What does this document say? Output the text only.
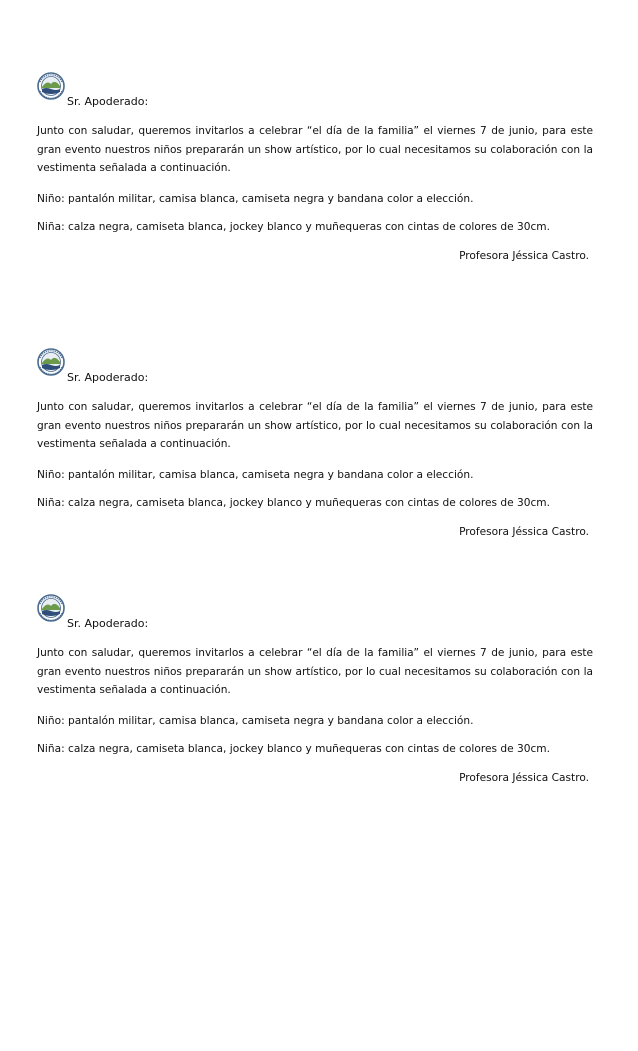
Sr. Apoderado:
Junto con saludar, queremos invitarlos a celebrar “el día de la familia” el viernes 7 de junio, para este gran evento nuestros niños prepararán un show artístico, por lo cual necesitamos su colaboración con la vestimenta señalada a continuación.
Niño: pantalón militar, camisa blanca, camiseta negra y bandana color a elección.
Niña: calza negra, camiseta blanca, jockey blanco y muñequeras con cintas de colores de 30cm.
Profesora Jéssica Castro.
Sr. Apoderado:
Junto con saludar, queremos invitarlos a celebrar “el día de la familia” el viernes 7 de junio, para este gran evento nuestros niños prepararán un show artístico, por lo cual necesitamos su colaboración con la vestimenta señalada a continuación.
Niño: pantalón militar, camisa blanca, camiseta negra y bandana color a elección.
Niña: calza negra, camiseta blanca, jockey blanco y muñequeras con cintas de colores de 30cm.
Profesora Jéssica Castro.
Sr. Apoderado:
Junto con saludar, queremos invitarlos a celebrar “el día de la familia” el viernes 7 de junio, para este gran evento nuestros niños prepararán un show artístico, por lo cual necesitamos su colaboración con la vestimenta señalada a continuación.
Niño: pantalón militar, camisa blanca, camiseta negra y bandana color a elección.
Niña: calza negra, camiseta blanca, jockey blanco y muñequeras con cintas de colores de 30cm.
Profesora Jéssica Castro.
